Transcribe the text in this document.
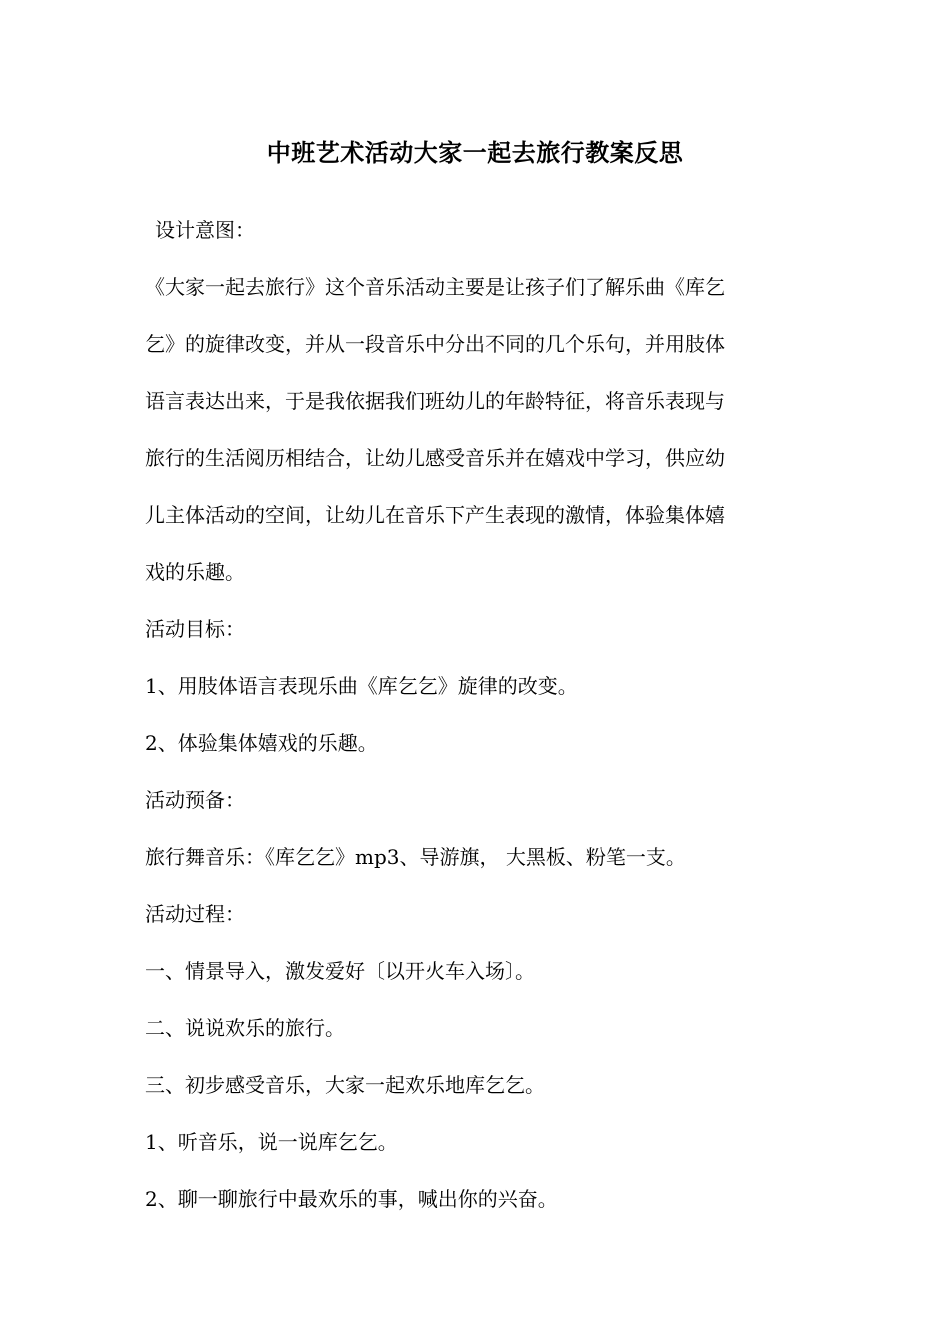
中班艺术活动大家一起去旅行教案反思
设计意图：
《大家一起去旅行》这个音乐活动主要是让孩子们了解乐曲《库乞
乞》的旋律改变，并从一段音乐中分出不同的几个乐句，并用肢体
语言表达出来，于是我依据我们班幼儿的年龄特征，将音乐表现与
旅行的生活阅历相结合，让幼儿感受音乐并在嬉戏中学习，供应幼
儿主体活动的空间，让幼儿在音乐下产生表现的激情，体验集体嬉
戏的乐趣。
活动目标：
1、用肢体语言表现乐曲《库乞乞》旋律的改变。
2、体验集体嬉戏的乐趣。
活动预备：
旅行舞音乐：《库乞乞》mp3、导游旗， 大黑板、粉笔一支。
活动过程：
一、情景导入，激发爱好〔以开火车入场〕。
二、说说欢乐的旅行。
三、初步感受音乐，大家一起欢乐地库乞乞。
1、听音乐，说一说库乞乞。
2、聊一聊旅行中最欢乐的事，喊出你的兴奋。
